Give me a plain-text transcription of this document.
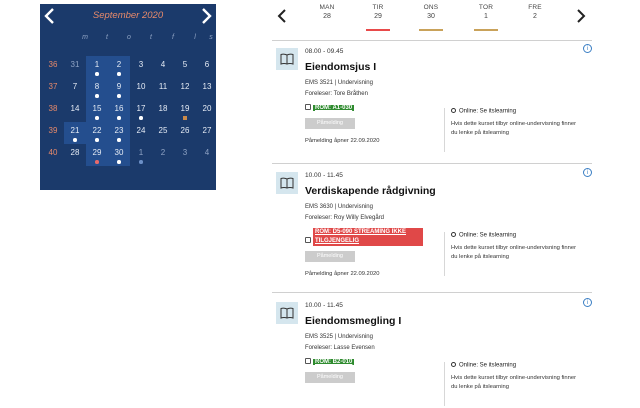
September 2020
m	t	o	t	f	l	s
36	31	1	2	3	4	5	6
37	7	8	9	10	11	12	13
38	14	15	16	17	18	19	20
39	21	22	23	24	25	26	27
40	28	29	30	1	2	3	4
MAN
28
TIR
29
ONS
30
TOR
1
FRE
2
i
08.00 - 09.45
Eiendomsjus I
EMS 3521 | Undervisning
Foreleser: Tore Bråthen
ROM: A1-030
Påmelding
Påmelding åpner 22.09.2020
Online: Se itslearning
Hvis dette kurset tilbyr online-undervisning finner du lenke på itslearning
i
10.00 - 11.45
Verdiskapende rådgivning
EMS 3630 | Undervisning
Foreleser: Roy Willy Elvegård
ROM: D5-090 STREAMING IKKE TILGJENGELIG
Påmelding
Påmelding åpner 22.09.2020
Online: Se itslearning
Hvis dette kurset tilbyr online-undervisning finner du lenke på itslearning
i
10.00 - 11.45
Eiendomsmegling I
EMS 3525 | Undervisning
Foreleser: Lasse Evensen
ROM: B2-010
Påmelding
Online: Se itslearning
Hvis dette kurset tilbyr online-undervisning finner du lenke på itslearning
